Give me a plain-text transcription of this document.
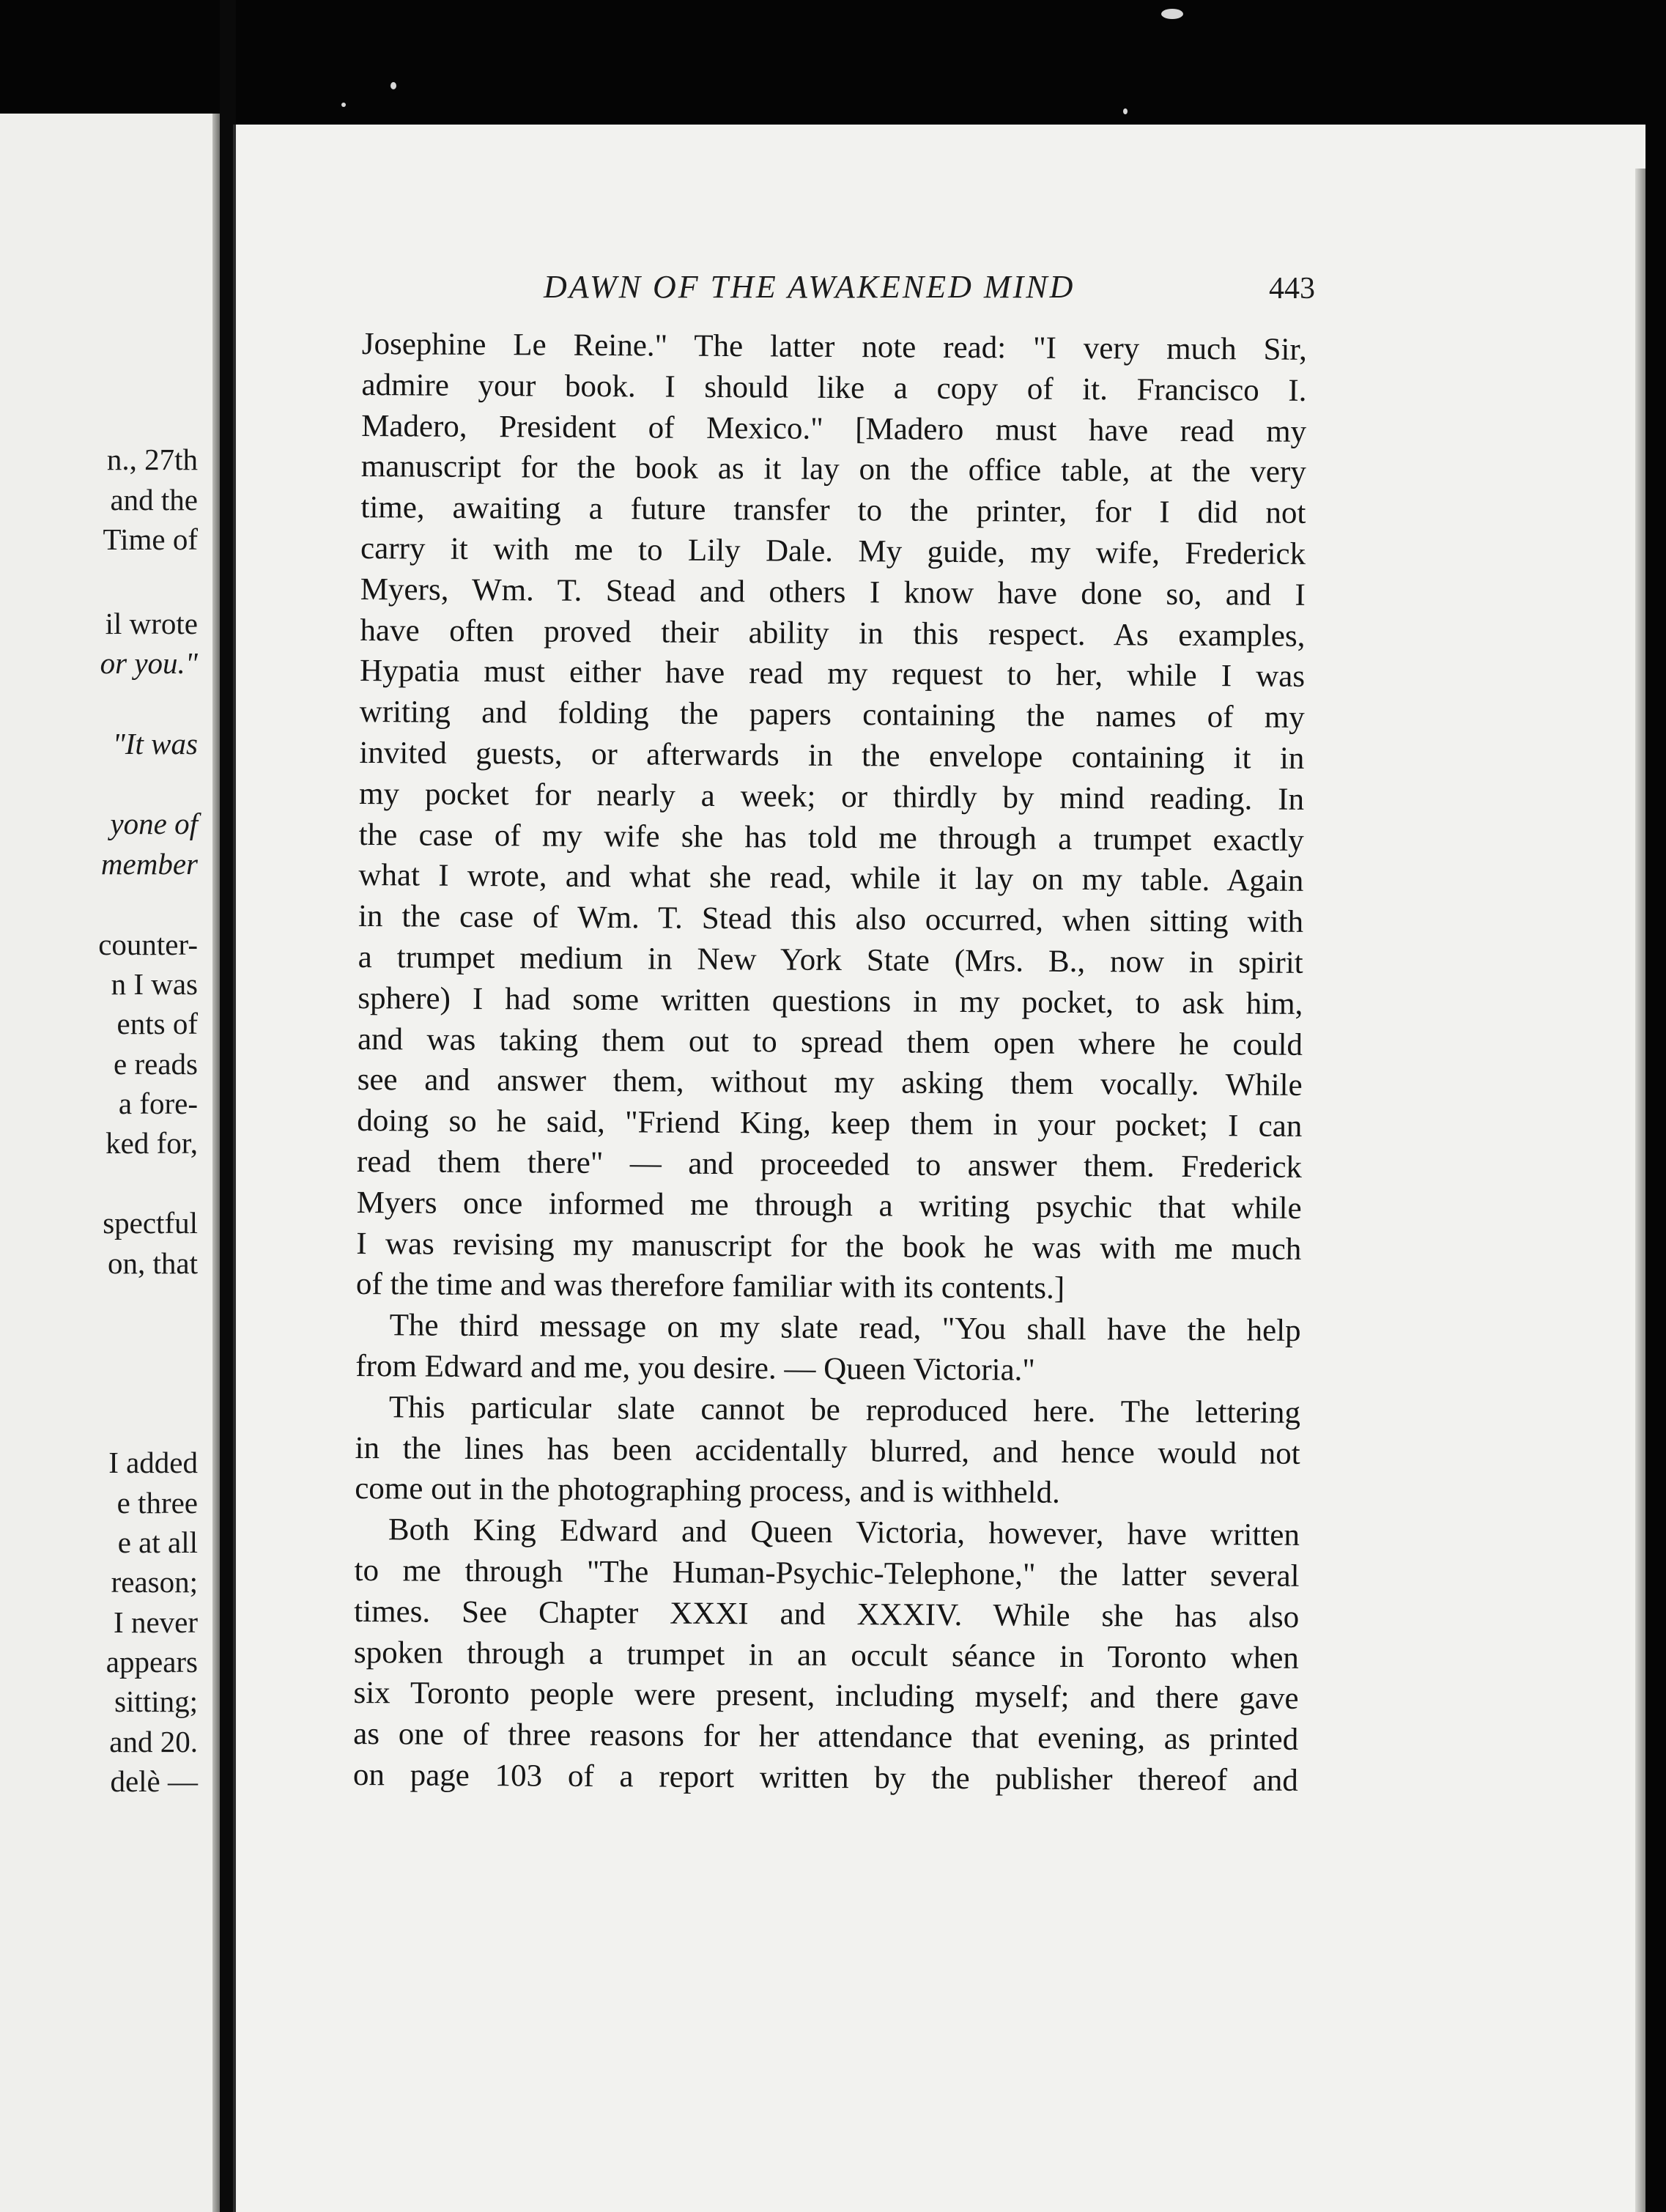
n., 27th
and the
Time of
il wrote
or you."
"It was
yone of
member
counter-
n I was
ents of
e reads
a fore-
ked for,
spectful
on, that
I added
e three
e at all
reason;
I never
appears
sitting;
and 20.
delè —
DAWN OF THE AWAKENED MIND	443
Josephine Le Reine." The latter note read: "I very much Sir,
admire your book. I should like a copy of it. Francisco I.
Madero, President of Mexico." [Madero must have read my
manuscript for the book as it lay on the office table, at the very
time, awaiting a future transfer to the printer, for I did not
carry it with me to Lily Dale. My guide, my wife, Frederick
Myers, Wm. T. Stead and others I know have done so, and I
have often proved their ability in this respect. As examples,
Hypatia must either have read my request to her, while I was
writing and folding the papers containing the names of my
invited guests, or afterwards in the envelope containing it in
my pocket for nearly a week; or thirdly by mind reading. In
the case of my wife she has told me through a trumpet exactly
what I wrote, and what she read, while it lay on my table. Again
in the case of Wm. T. Stead this also occurred, when sitting with
a trumpet medium in New York State (Mrs. B., now in spirit
sphere) I had some written questions in my pocket, to ask him,
and was taking them out to spread them open where he could
see and answer them, without my asking them vocally. While
doing so he said, "Friend King, keep them in your pocket; I can
read them there" — and proceeded to answer them. Frederick
Myers once informed me through a writing psychic that while
I was revising my manuscript for the book he was with me much
of the time and was therefore familiar with its contents.]
The third message on my slate read, "You shall have the help
from Edward and me, you desire. — Queen Victoria."
This particular slate cannot be reproduced here. The lettering
in the lines has been accidentally blurred, and hence would not
come out in the photographing process, and is withheld.
Both King Edward and Queen Victoria, however, have written
to me through "The Human-Psychic-Telephone," the latter several
times. See Chapter XXXI and XXXIV. While she has also
spoken through a trumpet in an occult séance in Toronto when
six Toronto people were present, including myself; and there gave
as one of three reasons for her attendance that evening, as printed
on page 103 of a report written by the publisher thereof and
